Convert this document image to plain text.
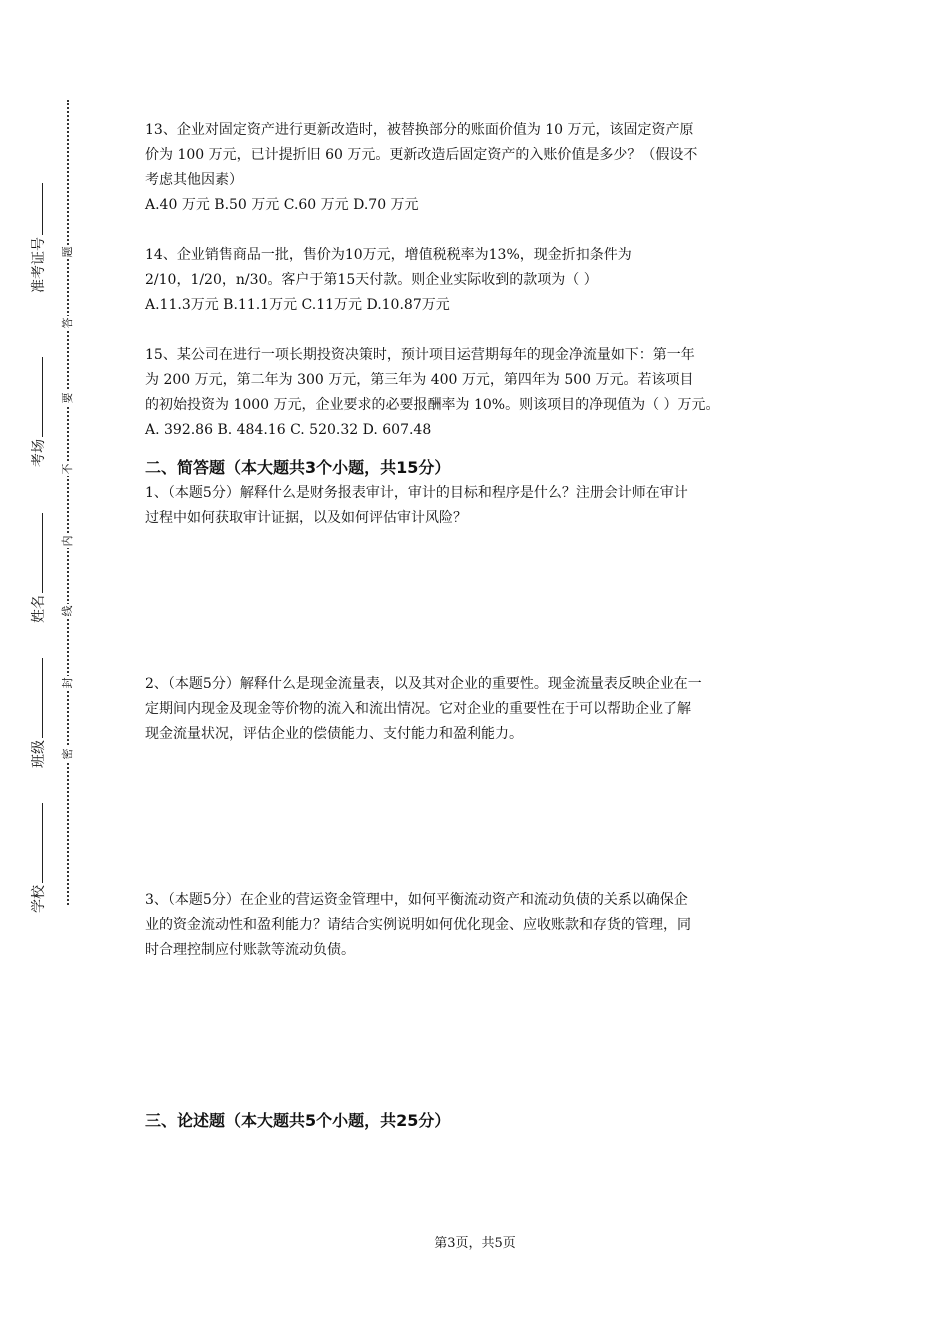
准考证号
考场
姓名
班级
学校
题
答
要
不
内
线
封
密

13、企业对固定资产进行更新改造时，被替换部分的账面价值为 10 万元，该固定资产原

价为 100 万元，已计提折旧 60 万元。更新改造后固定资产的入账价值是多少？（假设不

考虑其他因素）

A.40 万元 B.50 万元 C.60 万元 D.70 万元

14、企业销售商品一批，售价为10万元，增值税税率为13%，现金折扣条件为

2/10，1/20，n/30。客户于第15天付款。则企业实际收到的款项为（ ）

A.11.3万元 B.11.1万元 C.11万元 D.10.87万元

15、某公司在进行一项长期投资决策时，预计项目运营期每年的现金净流量如下：第一年

为 200 万元，第二年为 300 万元，第三年为 400 万元，第四年为 500 万元。若该项目

的初始投资为 1000 万元，企业要求的必要报酬率为 10%。则该项目的净现值为（ ）万元。

A. 392.86 B. 484.16 C. 520.32 D. 607.48

二、简答题（本大题共3个小题，共15分）

1、（本题5分）解释什么是财务报表审计，审计的目标和程序是什么？注册会计师在审计

过程中如何获取审计证据，以及如何评估审计风险？

2、（本题5分）解释什么是现金流量表，以及其对企业的重要性。现金流量表反映企业在一

定期间内现金及现金等价物的流入和流出情况。它对企业的重要性在于可以帮助企业了解

现金流量状况，评估企业的偿债能力、支付能力和盈利能力。

3、（本题5分）在企业的营运资金管理中，如何平衡流动资产和流动负债的关系以确保企

业的资金流动性和盈利能力？请结合实例说明如何优化现金、应收账款和存货的管理，同

时合理控制应付账款等流动负债。

三、论述题（本大题共5个小题，共25分）
第3页，共5页
